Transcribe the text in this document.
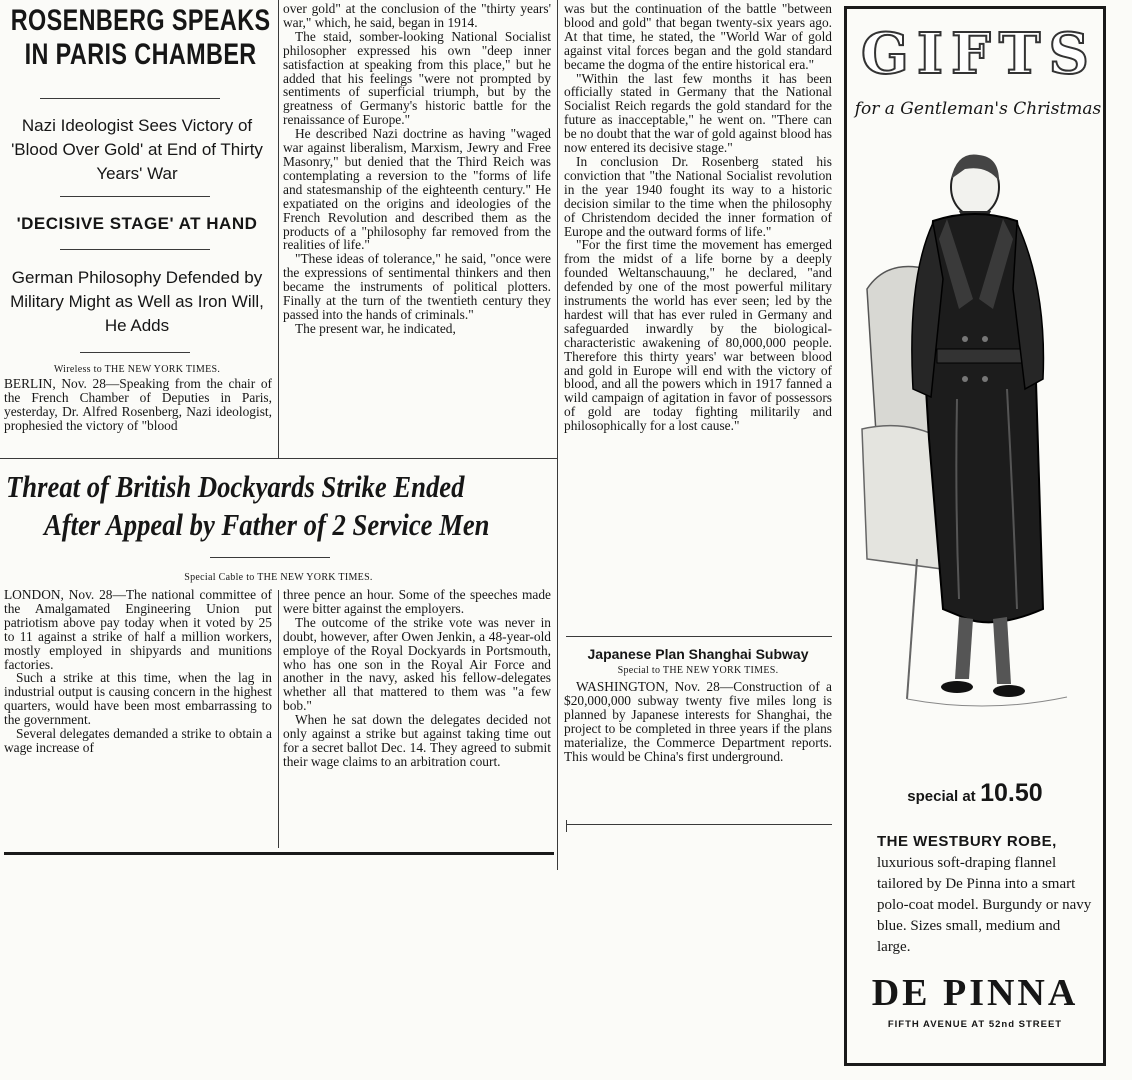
ROSENBERG SPEAKS
IN PARIS CHAMBER
Nazi Ideologist Sees Victory of 'Blood Over Gold' at End of Thirty Years' War
'DECISIVE STAGE' AT HAND
German Philosophy Defended by Military Might as Well as Iron Will, He Adds
Wireless to THE NEW YORK TIMES.

BERLIN, Nov. 28—Speaking from the chair of the French Chamber of Deputies in Paris, yesterday, Dr. Alfred Rosenberg, Nazi ideologist, prophesied the victory of "blood

over gold" at the conclusion of the "thirty years' war," which, he said, began in 1914.

The staid, somber-looking National Socialist philosopher expressed his own "deep inner satisfaction at speaking from this place," but he added that his feelings "were not prompted by sentiments of superficial triumph, but by the greatness of Germany's historic battle for the renaissance of Europe."

He described Nazi doctrine as having "waged war against liberalism, Marxism, Jewry and Free Masonry," but denied that the Third Reich was contemplating a reversion to the "forms of life and statesmanship of the eighteenth century." He expatiated on the origins and ideologies of the French Revolution and described them as the products of a "philosophy far removed from the realities of life."

"These ideas of tolerance," he said, "once were the expressions of sentimental thinkers and then became the instruments of political plotters. Finally at the turn of the twentieth century they passed into the hands of criminals."

The present war, he indicated,

was but the continuation of the battle "between blood and gold" that began twenty-six years ago. At that time, he stated, the "World War of gold against vital forces began and the gold standard became the dogma of the entire historical era."

"Within the last few months it has been officially stated in Germany that the National Socialist Reich regards the gold standard for the future as inacceptable," he went on. "There can be no doubt that the war of gold against blood has now entered its decisive stage."

In conclusion Dr. Rosenberg stated his conviction that "the National Socialist revolution in the year 1940 fought its way to a historic decision similar to the time when the philosophy of Christendom decided the inner formation of Europe and the outward forms of life."

"For the first time the movement has emerged from the midst of a life borne by a deeply founded Weltanschauung," he declared, "and defended by one of the most powerful military instruments the world has ever seen; led by the hardest will that has ever ruled in Germany and safeguarded inwardly by the biological-characteristic awakening of 80,000,000 people. Therefore this thirty years' war between blood and gold in Europe will end with the victory of blood, and all the powers which in 1917 fanned a wild campaign of agitation in favor of possessors of gold are today fighting militarily and philosophically for a lost cause."

Threat of British Dockyards Strike Ended
After Appeal by Father of 2 Service Men
Special Cable to THE NEW YORK TIMES.

LONDON, Nov. 28—The national committee of the Amalgamated Engineering Union put patriotism above pay today when it voted by 25 to 11 against a strike of half a million workers, mostly employed in shipyards and munitions factories.

Such a strike at this time, when the lag in industrial output is causing concern in the highest quarters, would have been most embarrassing to the government.

Several delegates demanded a strike to obtain a wage increase of

three pence an hour. Some of the speeches made were bitter against the employers.

The outcome of the strike vote was never in doubt, however, after Owen Jenkin, a 48-year-old employe of the Royal Dockyards in Portsmouth, who has one son in the Royal Air Force and another in the navy, asked his fellow-delegates whether all that mattered to them was "a few bob."

When he sat down the delegates decided not only against a strike but against taking time out for a secret ballot Dec. 14. They agreed to submit their wage claims to an arbitration court.

Japanese Plan Shanghai Subway
Special to THE NEW YORK TIMES.

WASHINGTON, Nov. 28—Construction of a $20,000,000 subway twenty five miles long is planned by Japanese interests for Shanghai, the project to be completed in three years if the plans materialize, the Commerce Department reports. This would be China's first underground.

GIFTS
for a Gentleman's Christmas
special at 10.50
THE WESTBURY ROBE, luxurious soft-draping flannel tailored by De Pinna into a smart polo-coat model. Burgundy or navy blue. Sizes small, medium and large.
DE PINNA
FIFTH AVENUE AT 52nd STREET
